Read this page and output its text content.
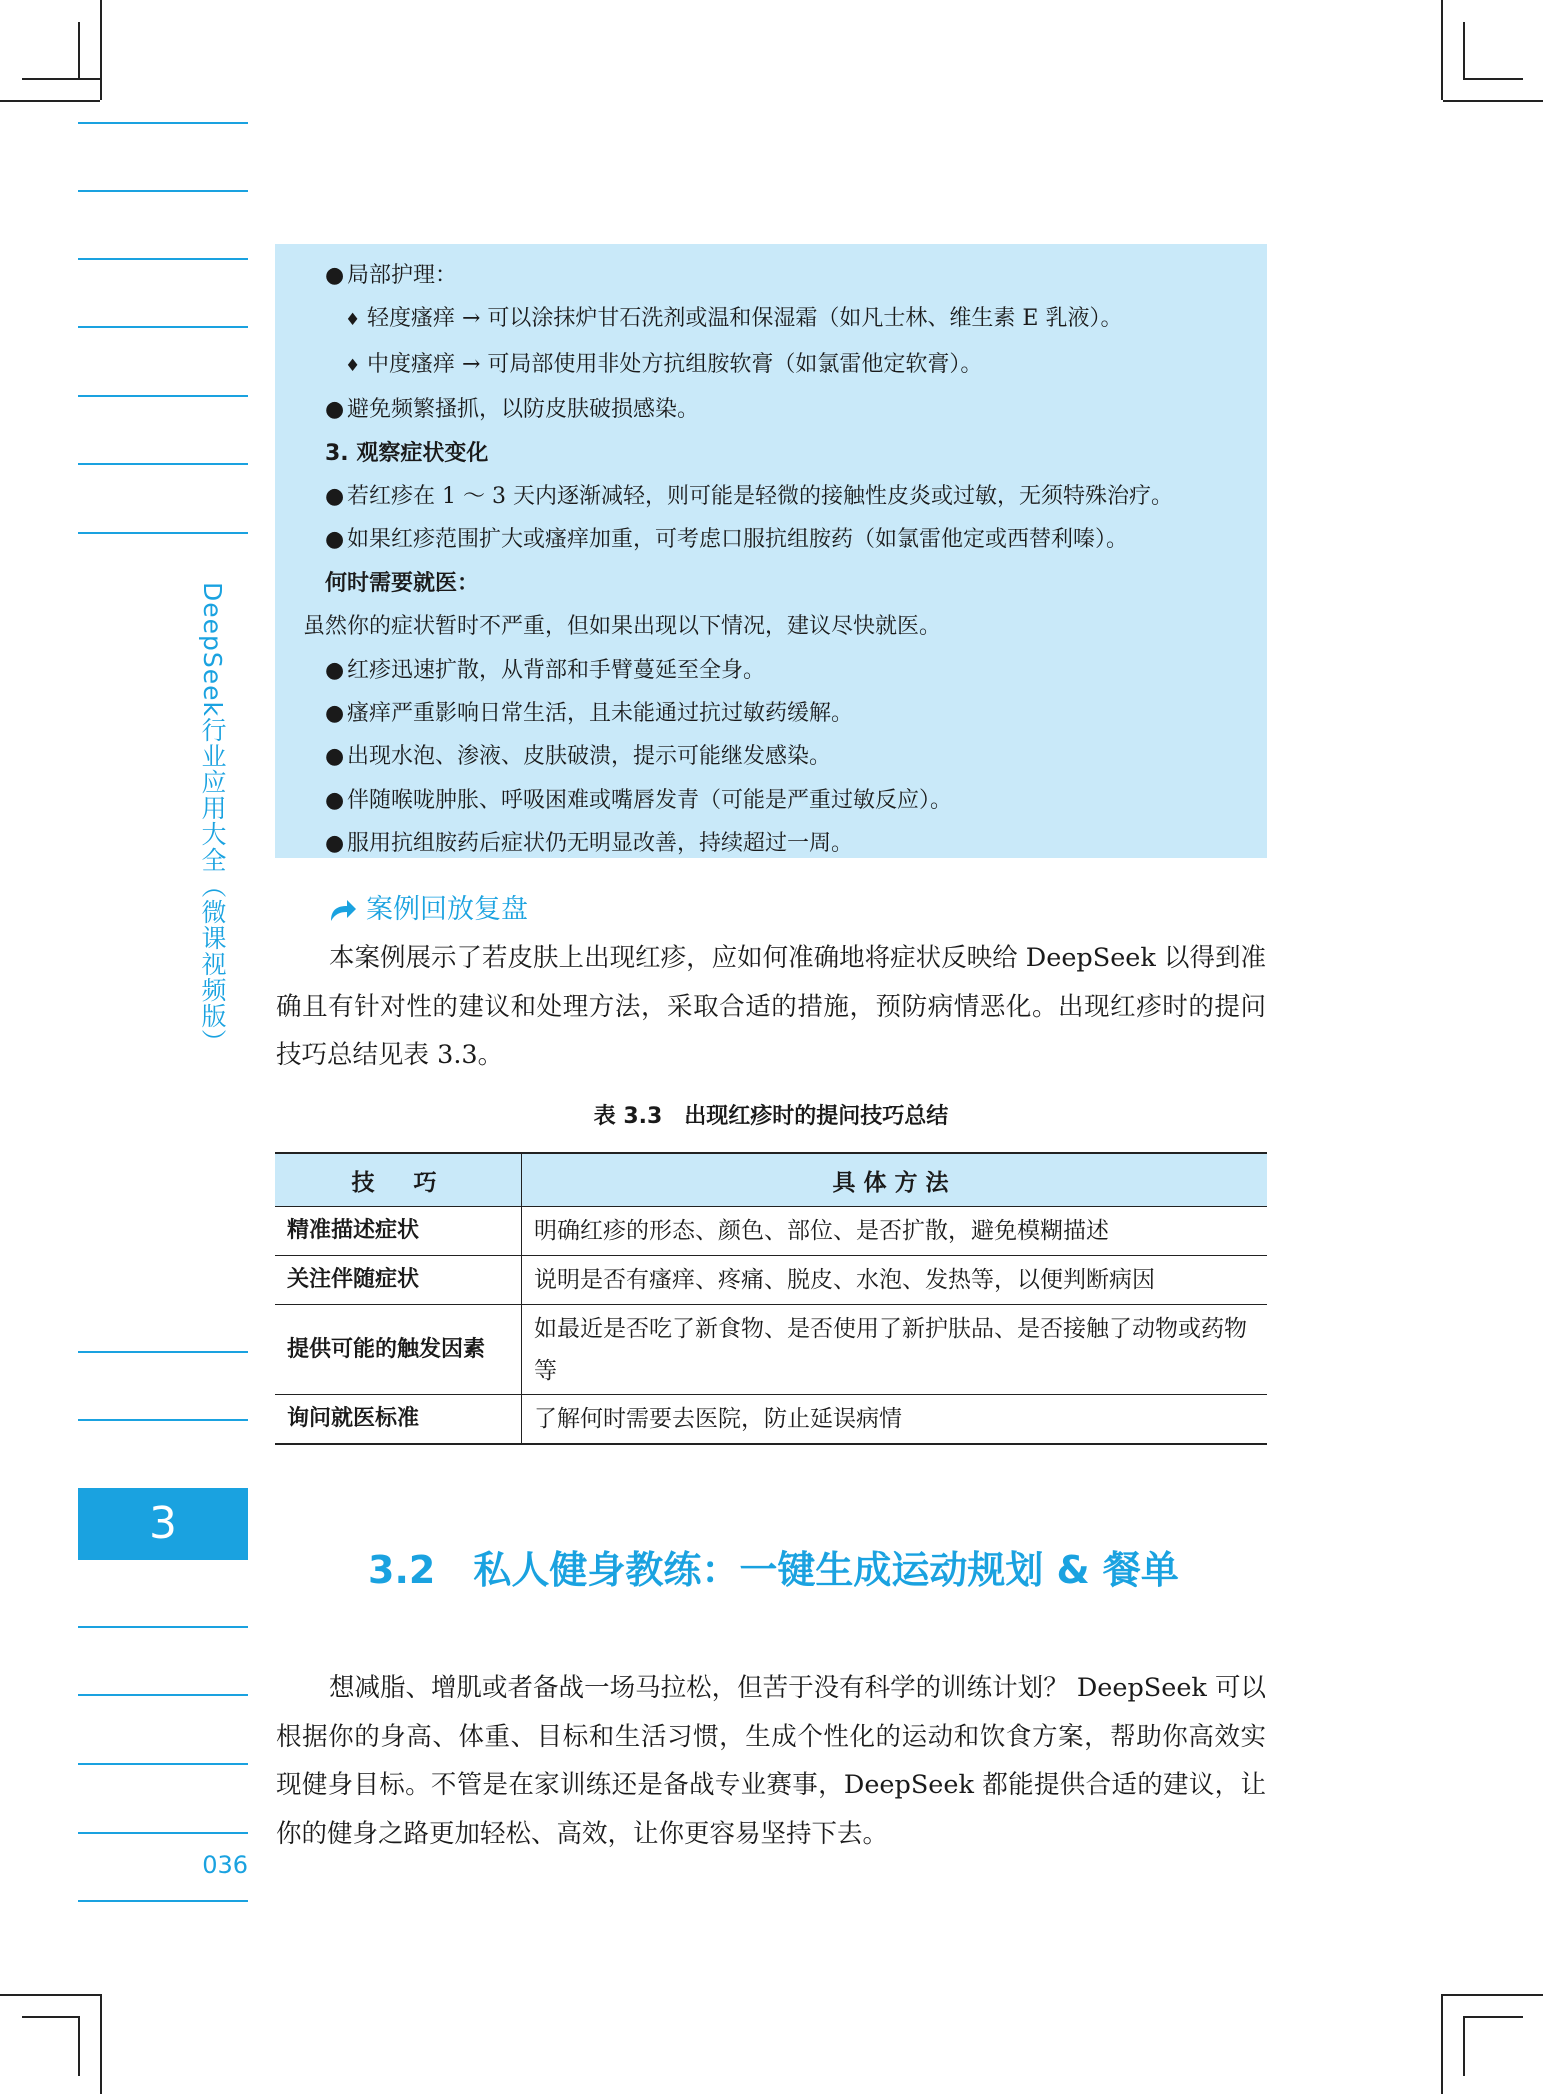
DeepSeek行业应用大全（微课视频版）
3
036
● 局部护理：
♦ 轻度瘙痒 → 可以涂抹炉甘石洗剂或温和保湿霜（如凡士林、维生素 E 乳液）。
♦ 中度瘙痒 → 可局部使用非处方抗组胺软膏（如氯雷他定软膏）。
● 避免频繁搔抓，以防皮肤破损感染。
3. 观察症状变化
● 若红疹在 1 ～ 3 天内逐渐减轻，则可能是轻微的接触性皮炎或过敏，无须特殊治疗。
● 如果红疹范围扩大或瘙痒加重，可考虑口服抗组胺药（如氯雷他定或西替利嗪）。
何时需要就医：
虽然你的症状暂时不严重，但如果出现以下情况，建议尽快就医。
● 红疹迅速扩散，从背部和手臂蔓延至全身。
● 瘙痒严重影响日常生活，且未能通过抗过敏药缓解。
● 出现水泡、渗液、皮肤破溃，提示可能继发感染。
● 伴随喉咙肿胀、呼吸困难或嘴唇发青（可能是严重过敏反应）。
● 服用抗组胺药后症状仍无明显改善，持续超过一周。
案例回放复盘
本案例展示了若皮肤上出现红疹，应如何准确地将症状反映给 DeepSeek 以得到准确且有针对性的建议和处理方法，采取合适的措施，预防病情恶化。出现红疹时的提问技巧总结见表 3.3。
表 3.3　出现红疹时的提问技巧总结
技　巧	具体方法
精准描述症状	明确红疹的形态、颜色、部位、是否扩散，避免模糊描述
关注伴随症状	说明是否有瘙痒、疼痛、脱皮、水泡、发热等，以便判断病因
提供可能的触发因素	如最近是否吃了新食物、是否使用了新护肤品、是否接触了动物或药物等
询问就医标准	了解何时需要去医院，防止延误病情
3.2 私人健身教练：一键生成运动规划 & 餐单
想减脂、增肌或者备战一场马拉松，但苦于没有科学的训练计划？ DeepSeek 可以根据你的身高、体重、目标和生活习惯，生成个性化的运动和饮食方案，帮助你高效实现健身目标。不管是在家训练还是备战专业赛事，DeepSeek 都能提供合适的建议，让你的健身之路更加轻松、高效，让你更容易坚持下去。
